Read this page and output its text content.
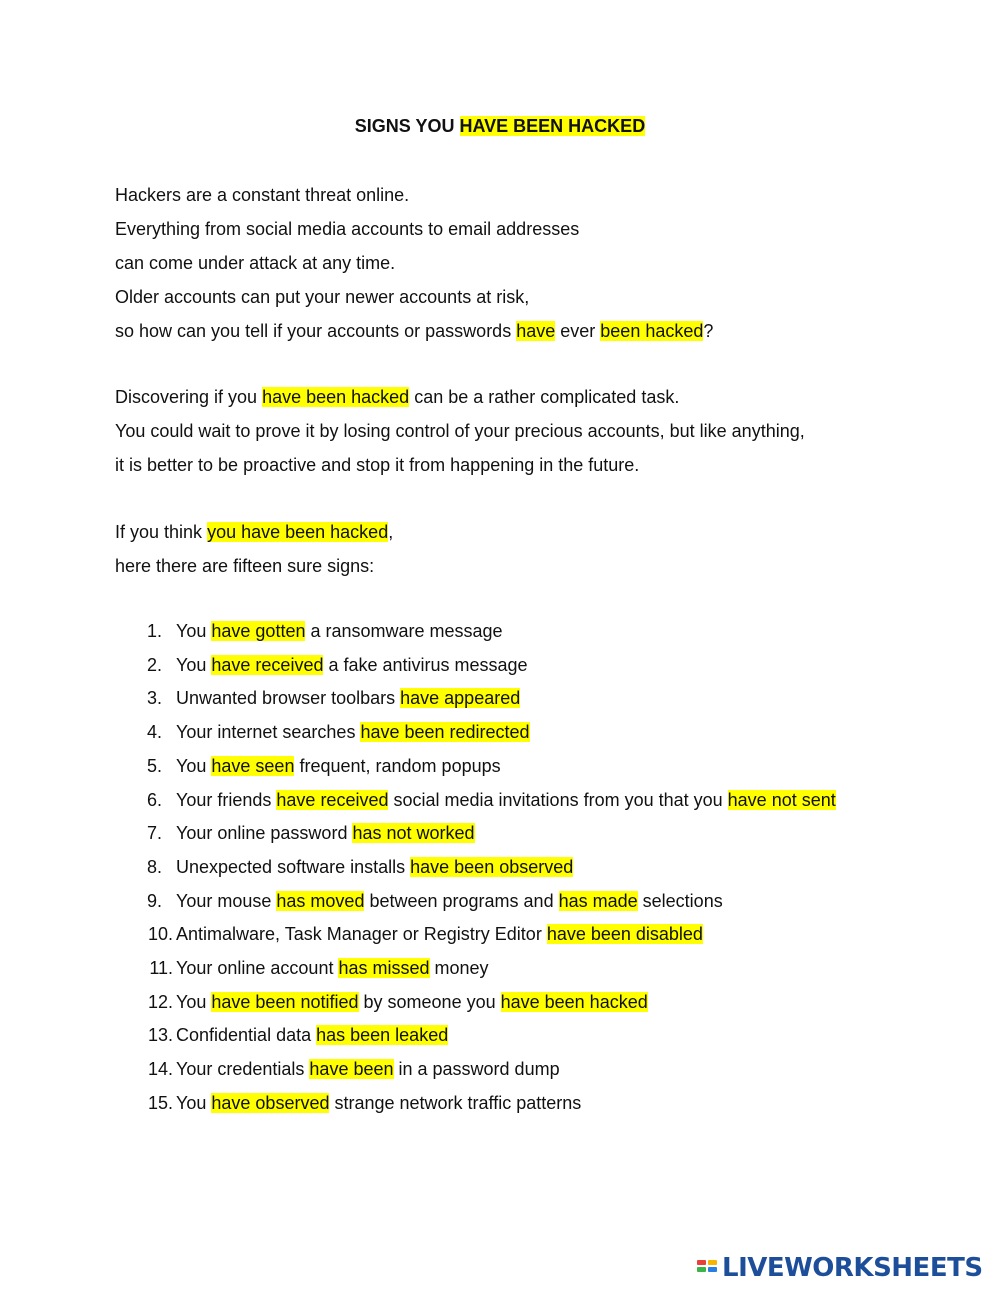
SIGNS YOU HAVE BEEN HACKED
Hackers are a constant threat online.
Everything from social media accounts to email addresses
can come under attack at any time.
Older accounts can put your newer accounts at risk,
so how can you tell if your accounts or passwords have ever been hacked?
Discovering if you have been hacked can be a rather complicated task.
You could wait to prove it by losing control of your precious accounts, but like anything,
it is better to be proactive and stop it from happening in the future.
If you think you have been hacked,
here there are fifteen sure signs:
1. You have gotten a ransomware message
2. You have received a fake antivirus message
3. Unwanted browser toolbars have appeared
4. Your internet searches have been redirected
5. You have seen frequent, random popups
6. Your friends have received social media invitations from you that you have not sent
7. Your online password has not worked
8. Unexpected software installs have been observed
9. Your mouse has moved between programs and has made selections
10. Antimalware, Task Manager or Registry Editor have been disabled
11. Your online account has missed money
12. You have been notified by someone you have been hacked
13. Confidential data has been leaked
14. Your credentials have been in a password dump
15. You have observed strange network traffic patterns
LIVEWORKSHEETS
